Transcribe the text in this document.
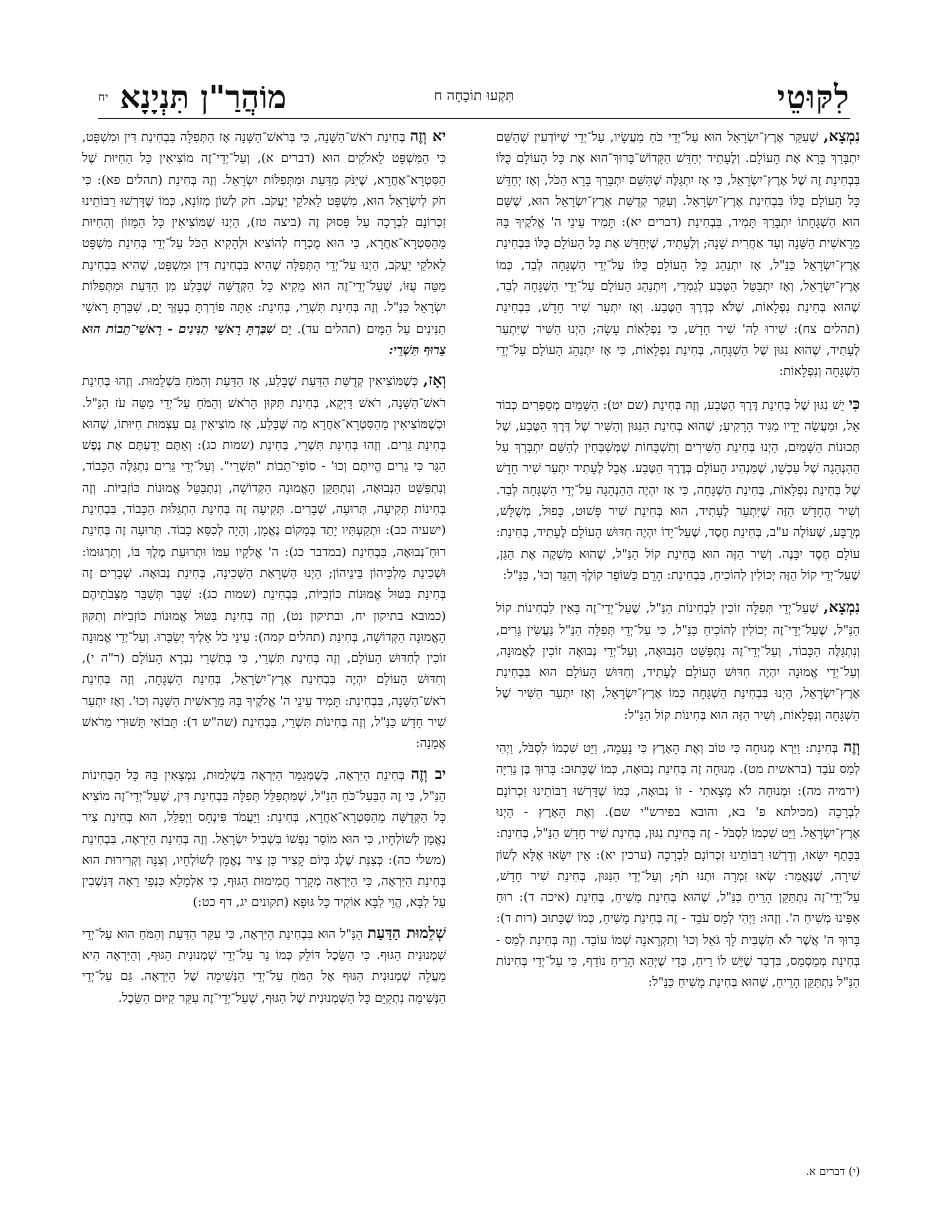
לִקּוּטֵי
תִּקְעוּ תוֹכָחָה ח
מוֹהֲרַ"ן תִּנְיָנָא
יח

נִמְצָא, שֶׁעִקַּר אֶרֶץ־יִשְׂרָאֵל הוּא עַל־יְדֵי כֹּחַ מַעֲשָׂיו, עַל־יְדֵי שֶׁיּוֹדְעִין שֶׁהַשֵּׁם יִתְבָּרַךְ בָּרָא אֶת הָעוֹלָם. וְלֶעָתִיד יְחַדֵּשׁ הַקָּדוֹשׁ־בָּרוּךְ־הוּא אֶת כָּל הָעוֹלָם כֻּלּוֹ בִּבְחִינַת זֶה שֶׁל אֶרֶץ־יִשְׂרָאֵל, כִּי אָז יִתְגַּלֶּה שֶׁהַשֵּׁם יִתְבָּרַךְ בָּרָא הַכֹּל, וְאָז יְחַדֵּשׁ כָּל הָעוֹלָם כֻּלּוֹ בִּבְחִינַת אֶרֶץ־יִשְׂרָאֵל. וְעִקַּר קְדֻשַּׁת אֶרֶץ־יִשְׂרָאֵל הוּא, שֶׁשָּׁם הוּא הַשְׁגָּחָתוֹ יִתְבָּרַךְ תָּמִיד, בִּבְחִינַת (דברים יא): תָּמִיד עֵינֵי ה' אֱלֹקֶיךָ בָּהּ מֵרֵאשִׁית הַשָּׁנָה וְעַד אַחֲרִית שָׁנָה; וְלֶעָתִיד, שֶׁיְּחַדֵּשׁ אֶת כָּל הָעוֹלָם כֻּלּוֹ בִּבְחִינַת אֶרֶץ־יִשְׂרָאֵל כַּנַּ"ל, אָז יִתְנַהֵג כָּל הָעוֹלָם כֻּלּוֹ עַל־יְדֵי הַשְׁגָּחָה לְבַד, כְּמוֹ אֶרֶץ־יִשְׂרָאֵל, וְאָז יִתְבַּטֵּל הַטֶּבַע לְגַמְרֵי, וְיִתְנַהֵג הָעוֹלָם עַל־יְדֵי הַשְׁגָּחָה לְבַד, שֶׁהוּא בְּחִינַת נִפְלָאוֹת, שֶׁלֹּא כְּדֶרֶךְ הַטֶּבַע. וְאָז יִתְעַר שִׁיר חָדָשׁ, בִּבְחִינַת (תהלים צח): שִׁירוּ לַה' שִׁיר חָדָשׁ, כִּי נִפְלָאוֹת עָשָׂה; הַיְנוּ הַשִּׁיר שֶׁיִּתְעַר לֶעָתִיד, שֶׁהוּא נִגּוּן שֶׁל הַשְׁגָּחָה, בְּחִינַת נִפְלָאוֹת, כִּי אָז יִתְנַהֵג הָעוֹלָם עַל־יְדֵי הַשְׁגָּחָה וְנִפְלָאוֹת:

כִּי יֵשׁ נִגּוּן שֶׁל בְּחִינַת דֶּרֶךְ הַטֶּבַע, וְזֶה בְּחִינַת (שם יט): הַשָּׁמַיִם מְסַפְּרִים כְּבוֹד אֵל, וּמַעֲשֵׂה יָדָיו מַגִּיד הָרָקִיעַ; שֶׁהוּא בְּחִינַת הַנִּגּוּן וְהַשִּׁיר שֶׁל דֶּרֶךְ הַטֶּבַע, שֶׁל תְּכוּנוֹת הַשָּׁמַיִם, הַיְנוּ בְּחִינַת הַשִּׁירִים וְתִשְׁבָּחוֹת שֶׁמְּשַׁבְּחִין לְהַשֵּׁם יִתְבָּרַךְ עַל הַהַנְהָגָה שֶׁל עַכְשָׁו, שֶׁמַּנְהִיג הָעוֹלָם בְּדֶרֶךְ הַטֶּבַע. אֲבָל לֶעָתִיד יִתְעַר שִׁיר חָדָשׁ שֶׁל בְּחִינַת נִפְלָאוֹת, בְּחִינַת הַשְׁגָּחָה, כִּי אָז יִהְיֶה הַהַנְהָגָה עַל־יְדֵי הַשְׁגָּחָה לְבַד. וְשִׁיר הֶחָדָשׁ הַזֶּה שֶׁיִּתְעַר לֶעָתִיד, הוּא בְּחִינַת שִׁיר פָּשׁוּט, כָּפוּל, מְשֻׁלָּשׁ, מְרֻבָּע, שֶׁעוֹלֶה ע"ב, בְּחִינַת חֶסֶד, שֶׁעַל־יָדוֹ יִהְיֶה חִדּוּשׁ הָעוֹלָם לֶעָתִיד, בְּחִינַת: עוֹלָם חֶסֶד יִבָּנֶה. וְשִׁיר הַזֶּה הוּא בְּחִינַת קוֹל הַנַּ"ל, שֶׁהוּא מַשְׁקֶה אֶת הַגַּן, שֶׁעַל־יְדֵי קוֹל הַזֶּה יְכוֹלִין לְהוֹכִיחַ, בִּבְחִינַת: הָרֵם כַּשּׁוֹפָר קוֹלֶךָ וְהַגֵּד וְכוּ', כַּנַּ"ל:

נִמְצָא, שֶׁעַל־יְדֵי תְּפִלָּה זוֹכִין לִבְחִינוֹת הַנַּ"ל, שֶׁעַל־יְדֵי־זֶה בָּאִין לִבְחִינוֹת קוֹל הַנַּ"ל, שֶׁעַל־יְדֵי־זֶה יְכוֹלִין לְהוֹכִיחַ כַּנַּ"ל, כִּי עַל־יְדֵי תְּפִלָּה הַנַּ"ל נַעֲשִׂין גֵּרִים, וְנִתְגַּלֶּה הַכָּבוֹד, וְעַל־יְדֵי־זֶה נִתְפַּשֵּׁט הַנְּבוּאָה, וְעַל־יְדֵי נְבוּאָה זוֹכִין לֶאֱמוּנָה, וְעַל־יְדֵי אֱמוּנָה יִהְיֶה חִדּוּשׁ הָעוֹלָם לֶעָתִיד, וְחִדּוּשׁ הָעוֹלָם הוּא בִּבְחִינַת אֶרֶץ־יִשְׂרָאֵל, הַיְנוּ בִּבְחִינַת הַשְׁגָּחָה כְּמוֹ אֶרֶץ־יִשְׂרָאֵל, וְאָז יִתְעַר הַשִּׁיר שֶׁל הַשְׁגָּחָה וְנִפְלָאוֹת, וְשִׁיר הַזֶּה הוּא בְּחִינוֹת קוֹל הַנַּ"ל:

וְזֶה בְּחִינַת: וַיַּרְא מְנוּחָה כִּי טוֹב וְאֶת הָאָרֶץ כִּי נָעֵמָה, וַיֵּט שִׁכְמוֹ לִסְבֹּל, וַיְהִי לְמַס עֹבֵד (בראשית מט). מְנוּחָה זֶה בְּחִינַת נְבוּאָה, כְּמוֹ שֶׁכָּתוּב: בָּרוּךְ בֶּן נֵרִיָּה (ירמיה מה): וּמְנוּחָה לֹא מָצָאתִי - זוֹ נְבוּאָה, כְּמוֹ שֶׁדָּרְשׁוּ רַבּוֹתֵינוּ זִכְרוֹנָם לִבְרָכָה (מכילתא פ' בא, והובא בפירש"י שם). וְאֶת הָאָרֶץ - הַיְנוּ אֶרֶץ־יִשְׂרָאֵל. וַיֵּט שִׁכְמוֹ לִסְבֹּל - זֶה בְּחִינַת נִגּוּן, בְּחִינַת שִׁיר חָדָשׁ הַנַּ"ל, בְּחִינַת: בַּכָּתֵף יִשָּׂאוּ, וְדָרְשׁוּ רַבּוֹתֵינוּ זִכְרוֹנָם לִבְרָכָה (ערכין יא): אֵין יִשָּׂאוּ אֶלָּא לְשׁוֹן שִׁירָה, שֶׁנֶּאֱמַר: שְׂאוּ זִמְרָה וּתְנוּ תֹף; וְעַל־יְדֵי הַנִּגּוּן, בְּחִינַת שִׁיר חָדָשׁ, עַל־יְדֵי־זֶה נִתְתַּקֵּן הָרֵיחַ כַּנַּ"ל, שֶׁהוּא בְּחִינַת מָשִׁיחַ, בְּחִינַת (איכה ד): רוּחַ אַפֵּינוּ מְשִׁיחַ ה'. וְזֶהוּ: וַיְהִי לְמַס עֹבֵד - זֶה בְּחִינַת מָשִׁיחַ, כְּמוֹ שֶׁכָּתוּב (רות ד): בָּרוּךְ ה' אֲשֶׁר לֹא הִשְׁבִּית לָךְ גֹּאֵל וְכוּ' וְתִקְרָאנָה שְׁמוֹ עוֹבֵד. וְזֶה בְּחִינַת לְמַס - בְּחִינַת מְמַסְמֵס, בִּדְבַר שֶׁיֵּשׁ לוֹ רֵיחַ, כְּדֵי שֶׁיְּהֵא הָרֵיחַ נוֹדֵף, כִּי עַל־יְדֵי בְּחִינוֹת הַנַּ"ל נִתְתַּקֵּן הָרֵיחַ, שֶׁהוּא בְּחִינַת מָשִׁיחַ כַּנַּ"ל:

יא וְזֶה בְּחִינַת רֹאשׁ־הַשָּׁנָה, כִּי בְּרֹאשׁ־הַשָּׁנָה אָז הַתְּפִלָּה בִּבְחִינַת דִּין וּמִשְׁפָּט, כִּי הַמִּשְׁפָּט לֵאלֹקִים הוּא (דברים א), וְעַל־יְדֵי־זֶה מוֹצִיאִין כָּל הַחִיּוּת שֶׁל הַסִּטְרָא־אַחֲרָא, שֶׁיִּנֹּק מִדַּעַת וּמִתְּפִלּוֹת יִשְׂרָאֵל. וְזֶה בְּחִינַת (תהלים פא): כִּי חֹק לְיִשְׂרָאֵל הוּא, מִשְׁפָּט לֵאלֹקֵי יַעֲקֹב. חֹק לְשׁוֹן מְזוֹנָא, כְּמוֹ שֶׁדָּרְשׁוּ רַבּוֹתֵינוּ זִכְרוֹנָם לִבְרָכָה עַל פָּסוּק זֶה (ביצה טז), הַיְנוּ שֶׁמּוֹצִיאִין כָּל הַמָּזוֹן וְהַחִיּוּת מֵהַסִּטְרָא־אַחֲרָא, כִּי הוּא מֻכְרָח לְהוֹצִיא וּלְהָקִיא הַכֹּל עַל־יְדֵי בְּחִינַת מִשְׁפָּט לֵאלֹקֵי יַעֲקֹב, הַיְנוּ עַל־יְדֵי הַתְּפִלָּה שֶׁהִיא בִּבְחִינַת דִּין וּמִשְׁפָּט, שֶׁהִיא בִּבְחִינַת מַטֵּה עֻזּוֹ, שֶׁעַל־יְדֵי־זֶה הוּא מֵקִיא כָּל הַקְּדֻשָּׁה שֶׁבָּלַע מִן הַדַּעַת וּמִתְּפִלּוֹת יִשְׂרָאֵל כַּנַּ"ל. וְזֶה בְּחִינַת תִּשְׁרֵי, בְּחִינַת: אַתָּה פוֹרַרְתָּ בְעָזְּךָ יָם, שִׁבַּרְתָּ רָאשֵׁי תַנִּינִים עַל הַמָּיִם (תהלים עד). יָם שִׁבַּרְתָּ רָאשֵׁי תַנִּינִים - רָאשֵׁי־תֵבוֹת הוּא צֵרוּף תִּשְׁרֵי:

וְאָז, כְּשֶׁמּוֹצִיאִין קְדֻשַּׁת הַדַּעַת שֶׁבָּלַע, אָז הַדַּעַת וְהַמֹּחַ בִּשְׁלֵמוּת. וְזֶהוּ בְּחִינַת רֹאשׁ־הַשָּׁנָה, רֹאשׁ דַּיְקָא, בְּחִינַת תִּקּוּן הָרֹאשׁ וְהַמֹּחַ עַל־יְדֵי מַטֵּה עֹז הַנַּ"ל. וּכְשֶׁמּוֹצִיאִין מֵהַסִּטְרָא־אַחֲרָא מַה שֶּׁבָּלַע, אָז מוֹצִיאִין גַּם עַצְמוּת חִיּוּתוֹ, שֶׁהוּא בְּחִינַת גֵּרִים. וְזֶהוּ בְּחִינַת תִּשְׁרֵי, בְּחִינַת (שמות כג): וְאַתֶּם יְדַעְתֶּם אֶת נֶפֶשׁ הַגֵּר כִּי גֵרִים הֱיִיתֶם וְכוּ' - סוֹפֵי־תֵבוֹת "תִּשְׁרֵי". וְעַל־יְדֵי גֵּרִים נִתְגַּלֶּה הַכָּבוֹד, וְנִתְפַּשֵּׁט הַנְּבוּאָה, וְנִתְתַּקֵּן הָאֱמוּנָה הַקְּדוֹשָׁה, וְנִתְבַּטֵּל אֱמוּנוֹת כּוֹזְבִיּוֹת. וְזֶה בְּחִינוֹת תְּקִיעָה, תְּרוּעָה, שְׁבָרִים. תְּקִיעָה זֶה בְּחִינַת הִתְגַּלּוּת הַכָּבוֹד, בִּבְחִינַת (ישעיה כב): וּתְקַעְתִּיו יָתֵד בְּמָקוֹם נֶאֱמָן, וְהָיָה לְכִסֵּא כָבוֹד. תְּרוּעָה זֶה בְּחִינַת רוּחַ־נְבוּאָה, בִּבְחִינַת (במדבר כג): ה' אֱלֹקָיו עִמּוֹ וּתְרוּעַת מֶלֶךְ בּוֹ, וְתַרְגּוּמוֹ: וּשְׁכִינַת מַלְכֵּיהוֹן בֵּינֵיהוֹן; הַיְנוּ הַשְׁרָאַת הַשְּׁכִינָה, בְּחִינַת נְבוּאָה. שְׁבָרִים זֶה בְּחִינַת בִּטּוּל אֱמוּנוֹת כּוֹזְבִיּוֹת, בִּבְחִינַת (שמות כג): שַׁבֵּר תְּשַׁבֵּר מַצֵּבֹתֵיהֶם (כמובא בתיקון יח, ובתיקון נט), וְזֶה בְּחִינַת בִּטּוּל אֱמוּנוֹת כּוֹזְבִיּוֹת וְתִקּוּן הָאֱמוּנָה הַקְּדוֹשָׁה, בְּחִינַת (תהלים קמה): עֵינֵי כֹל אֵלֶיךָ יְשַׂבֵּרוּ. וְעַל־יְדֵי אֱמוּנָה זוֹכִין לְחִדּוּשׁ הָעוֹלָם, וְזֶה בְּחִינַת תִּשְׁרֵי, כִּי בְּתִשְׁרֵי נִבְרָא הָעוֹלָם (ר"ה י), וְחִדּוּשׁ הָעוֹלָם יִהְיֶה בִּבְחִינַת אֶרֶץ־יִשְׂרָאֵל, בְּחִינַת הַשְׁגָּחָה, וְזֶה בְּחִינַת רֹאשׁ־הַשָּׁנָה, בִּבְחִינַת: תָּמִיד עֵינֵי ה' אֱלֹקֶיךָ בָּהּ מֵרֵאשִׁית הַשָּׁנָה וְכוּ'. וְאָז יִתְעַר שִׁיר חָדָשׁ כַּנַּ"ל, וְזֶה בְּחִינוֹת תִּשְׁרֵי, בִּבְחִינַת (שה"ש ד): תָּבוֹאִי תָּשׁוּרִי מֵרֹאשׁ אֲמָנָה:

יב וְזֶה בְּחִינַת הַיִּרְאָה, כְּשֶׁמְּגַמֵּר הַיִּרְאָה בִּשְׁלֵמוּת, נִמְצָאִין בָּהּ כָּל הַבְּחִינוֹת הַנַּ"ל, כִּי זֶה הַבַּעַל־כֹּחַ הַנַּ"ל, שֶׁמִּתְפַּלֵּל תְּפִלָּה בִּבְחִינַת דִּין, שֶׁעַל־יְדֵי־זֶה מוֹצִיא כָּל הַקְּדֻשָּׁה מֵהַסִּטְרָא־אַחֲרָא, בְּחִינַת: וַיַּעֲמֹד פִּינְחָס וַיְפַלֵּל, הוּא בְּחִינַת צִיר נֶאֱמָן לְשׁוֹלְחָיו, כִּי הוּא מוֹסֵר נַפְשׁוֹ בִּשְׁבִיל יִשְׂרָאֵל. וְזֶה בְּחִינַת הַיִּרְאָה, בִּבְחִינַת (משלי כה): כְּצִנַּת שֶׁלֶג בְּיוֹם קָצִיר כֵּן צִיר נֶאֱמָן לְשׁוֹלְחָיו, וְצִנָּה וְקְרִירוּת הוּא בְּחִינַת הַיִּרְאָה, כִּי הַיִּרְאָה מְקָרֵר חֲמִימוּת הַגּוּף, כִּי אִלְמָלֵא כַּנְפֵי רֵאָה דְּנַשְׁבִין עַל לִבָּא, הֲוֵי לִבָּא אוֹקִיד כָּל גּוּפָא (תקונים יג, דף כט:)

שְׁלֵמוּת הַדַּעַת הַנַּ"ל הוּא בִּבְחִינַת הַיִּרְאָה, כִּי עִקַּר הַדַּעַת וְהַמֹּחַ הוּא עַל־יְדֵי שְׁמְנוּנִית הַגּוּף. כִּי הַשֵּׂכֶל דּוֹלֵק כְּמוֹ נֵר עַל־יְדֵי שְׁמְנוּנִית הַגּוּף, וְהַיִּרְאָה הִיא מַעֲלָה שְׁמְנוּנִית הַגּוּף אֶל הַמֹּחַ עַל־יְדֵי הַנְּשִׁימָה שֶׁל הַיִּרְאָה. גַּם עַל־יְדֵי הַנְּשִׁימָה נִתְקַיֵּם כָּל הַשְּׁמְנוּנִית שֶׁל הַגּוּף, שֶׁעַל־יְדֵי־זֶה עִקַּר קִיּוּם הַשֵּׂכֶל.

(י) דברים א.
